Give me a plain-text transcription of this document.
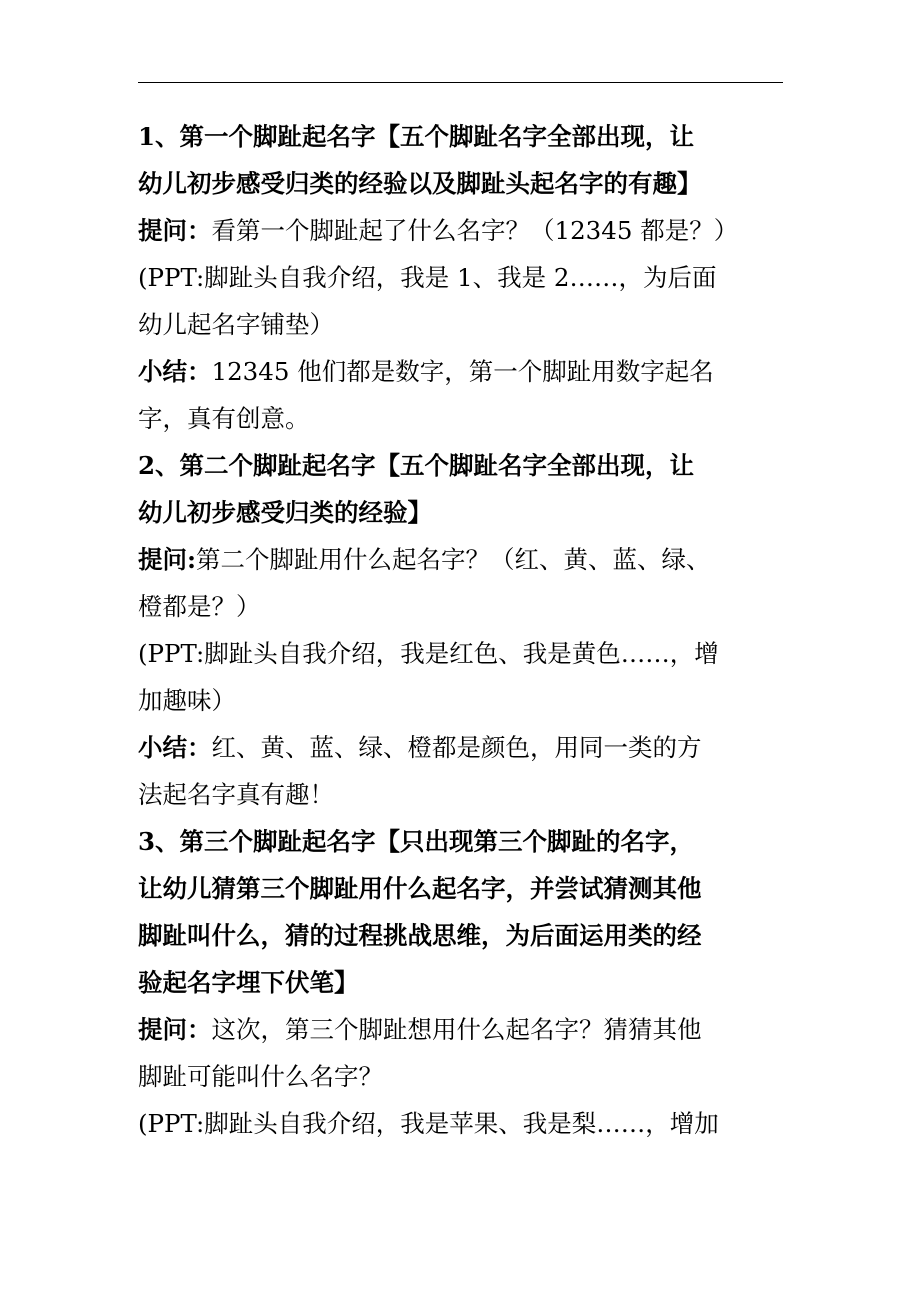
1、第一个脚趾起名字【五个脚趾名字全部出现，让
幼儿初步感受归类的经验以及脚趾头起名字的有趣】
提问：看第一个脚趾起了什么名字？（12345 都是？）
(PPT:脚趾头自我介绍，我是 1、我是 2……，为后面
幼儿起名字铺垫）
小结：12345 他们都是数字，第一个脚趾用数字起名
字，真有创意。
2、第二个脚趾起名字【五个脚趾名字全部出现，让
幼儿初步感受归类的经验】
提问:第二个脚趾用什么起名字？（红、黄、蓝、绿、
橙都是？）
(PPT:脚趾头自我介绍，我是红色、我是黄色……，增
加趣味）
小结：红、黄、蓝、绿、橙都是颜色，用同一类的方
法起名字真有趣！
3、第三个脚趾起名字【只出现第三个脚趾的名字，
让幼儿猜第三个脚趾用什么起名字，并尝试猜测其他
脚趾叫什么，猜的过程挑战思维，为后面运用类的经
验起名字埋下伏笔】
提问：这次，第三个脚趾想用什么起名字？猜猜其他
脚趾可能叫什么名字？
(PPT:脚趾头自我介绍，我是苹果、我是梨……，增加
